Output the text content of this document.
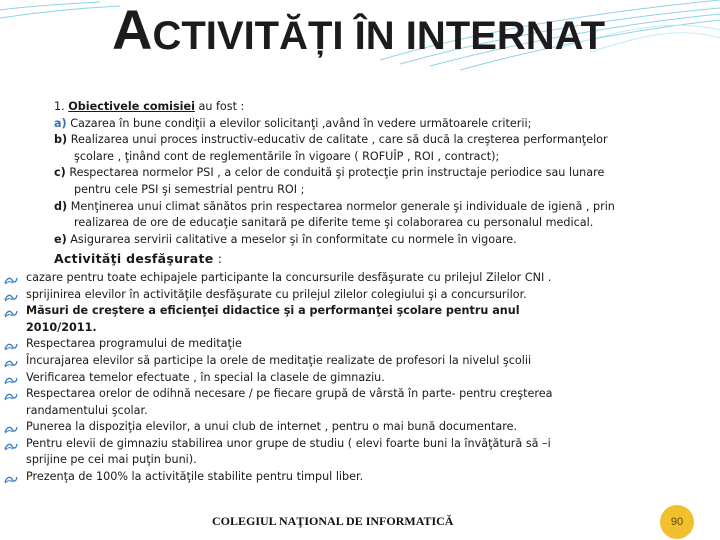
ACTIVITĂȚI ÎN INTERNAT

1. Obiectivele comisiei au fost :

a) Cazarea în bune condiţii a elevilor solicitanţi ,având în vedere următoarele criterii;

b) Realizarea unui proces instructiv-educativ de calitate , care să ducă la creşterea performanţelor
şcolare , ţinând cont de reglementările în vigoare ( ROFUÎP , ROI , contract);

c) Respectarea normelor PSI , a celor de conduită şi protecţie prin instructaje periodice sau lunare
pentru cele PSI şi semestrial pentru ROI ;

d) Menţinerea unui climat sănătos prin respectarea normelor generale şi individuale de igienă , prin
realizarea de ore de educaţie sanitară pe diferite teme şi colaborarea cu personalul medical.

e) Asigurarea servirii calitative a meselor şi în conformitate cu normele în vigoare.

Activităţi desfăşurate :
cazare pentru toate echipajele participante la concursurile desfăşurate cu prilejul Zilelor CNI .
sprijinirea elevilor în activităţile desfăşurate cu prilejul zilelor colegiului şi a concursurilor.
Măsuri de creştere a eficienţei didactice şi a performanţei şcolare pentru anul
2010/2011.
Respectarea programului de meditaţie
Încurajarea elevilor să participe la orele de meditaţie realizate de profesori la nivelul şcolii
Verificarea temelor efectuate , în special la clasele de gimnaziu.
Respectarea orelor de odihnă necesare / pe fiecare grupă de vârstă în parte- pentru creşterea
randamentului şcolar.
Punerea la dispoziţia elevilor, a unui club de internet , pentru o mai bună documentare.
Pentru elevii de gimnaziu stabilirea unor grupe de studiu ( elevi foarte buni la învăţătură să –i
sprijine pe cei mai puţin buni).
Prezenţa de 100% la activităţile stabilite pentru timpul liber.
COLEGIUL NAŢIONAL DE INFORMATICĂ	90
